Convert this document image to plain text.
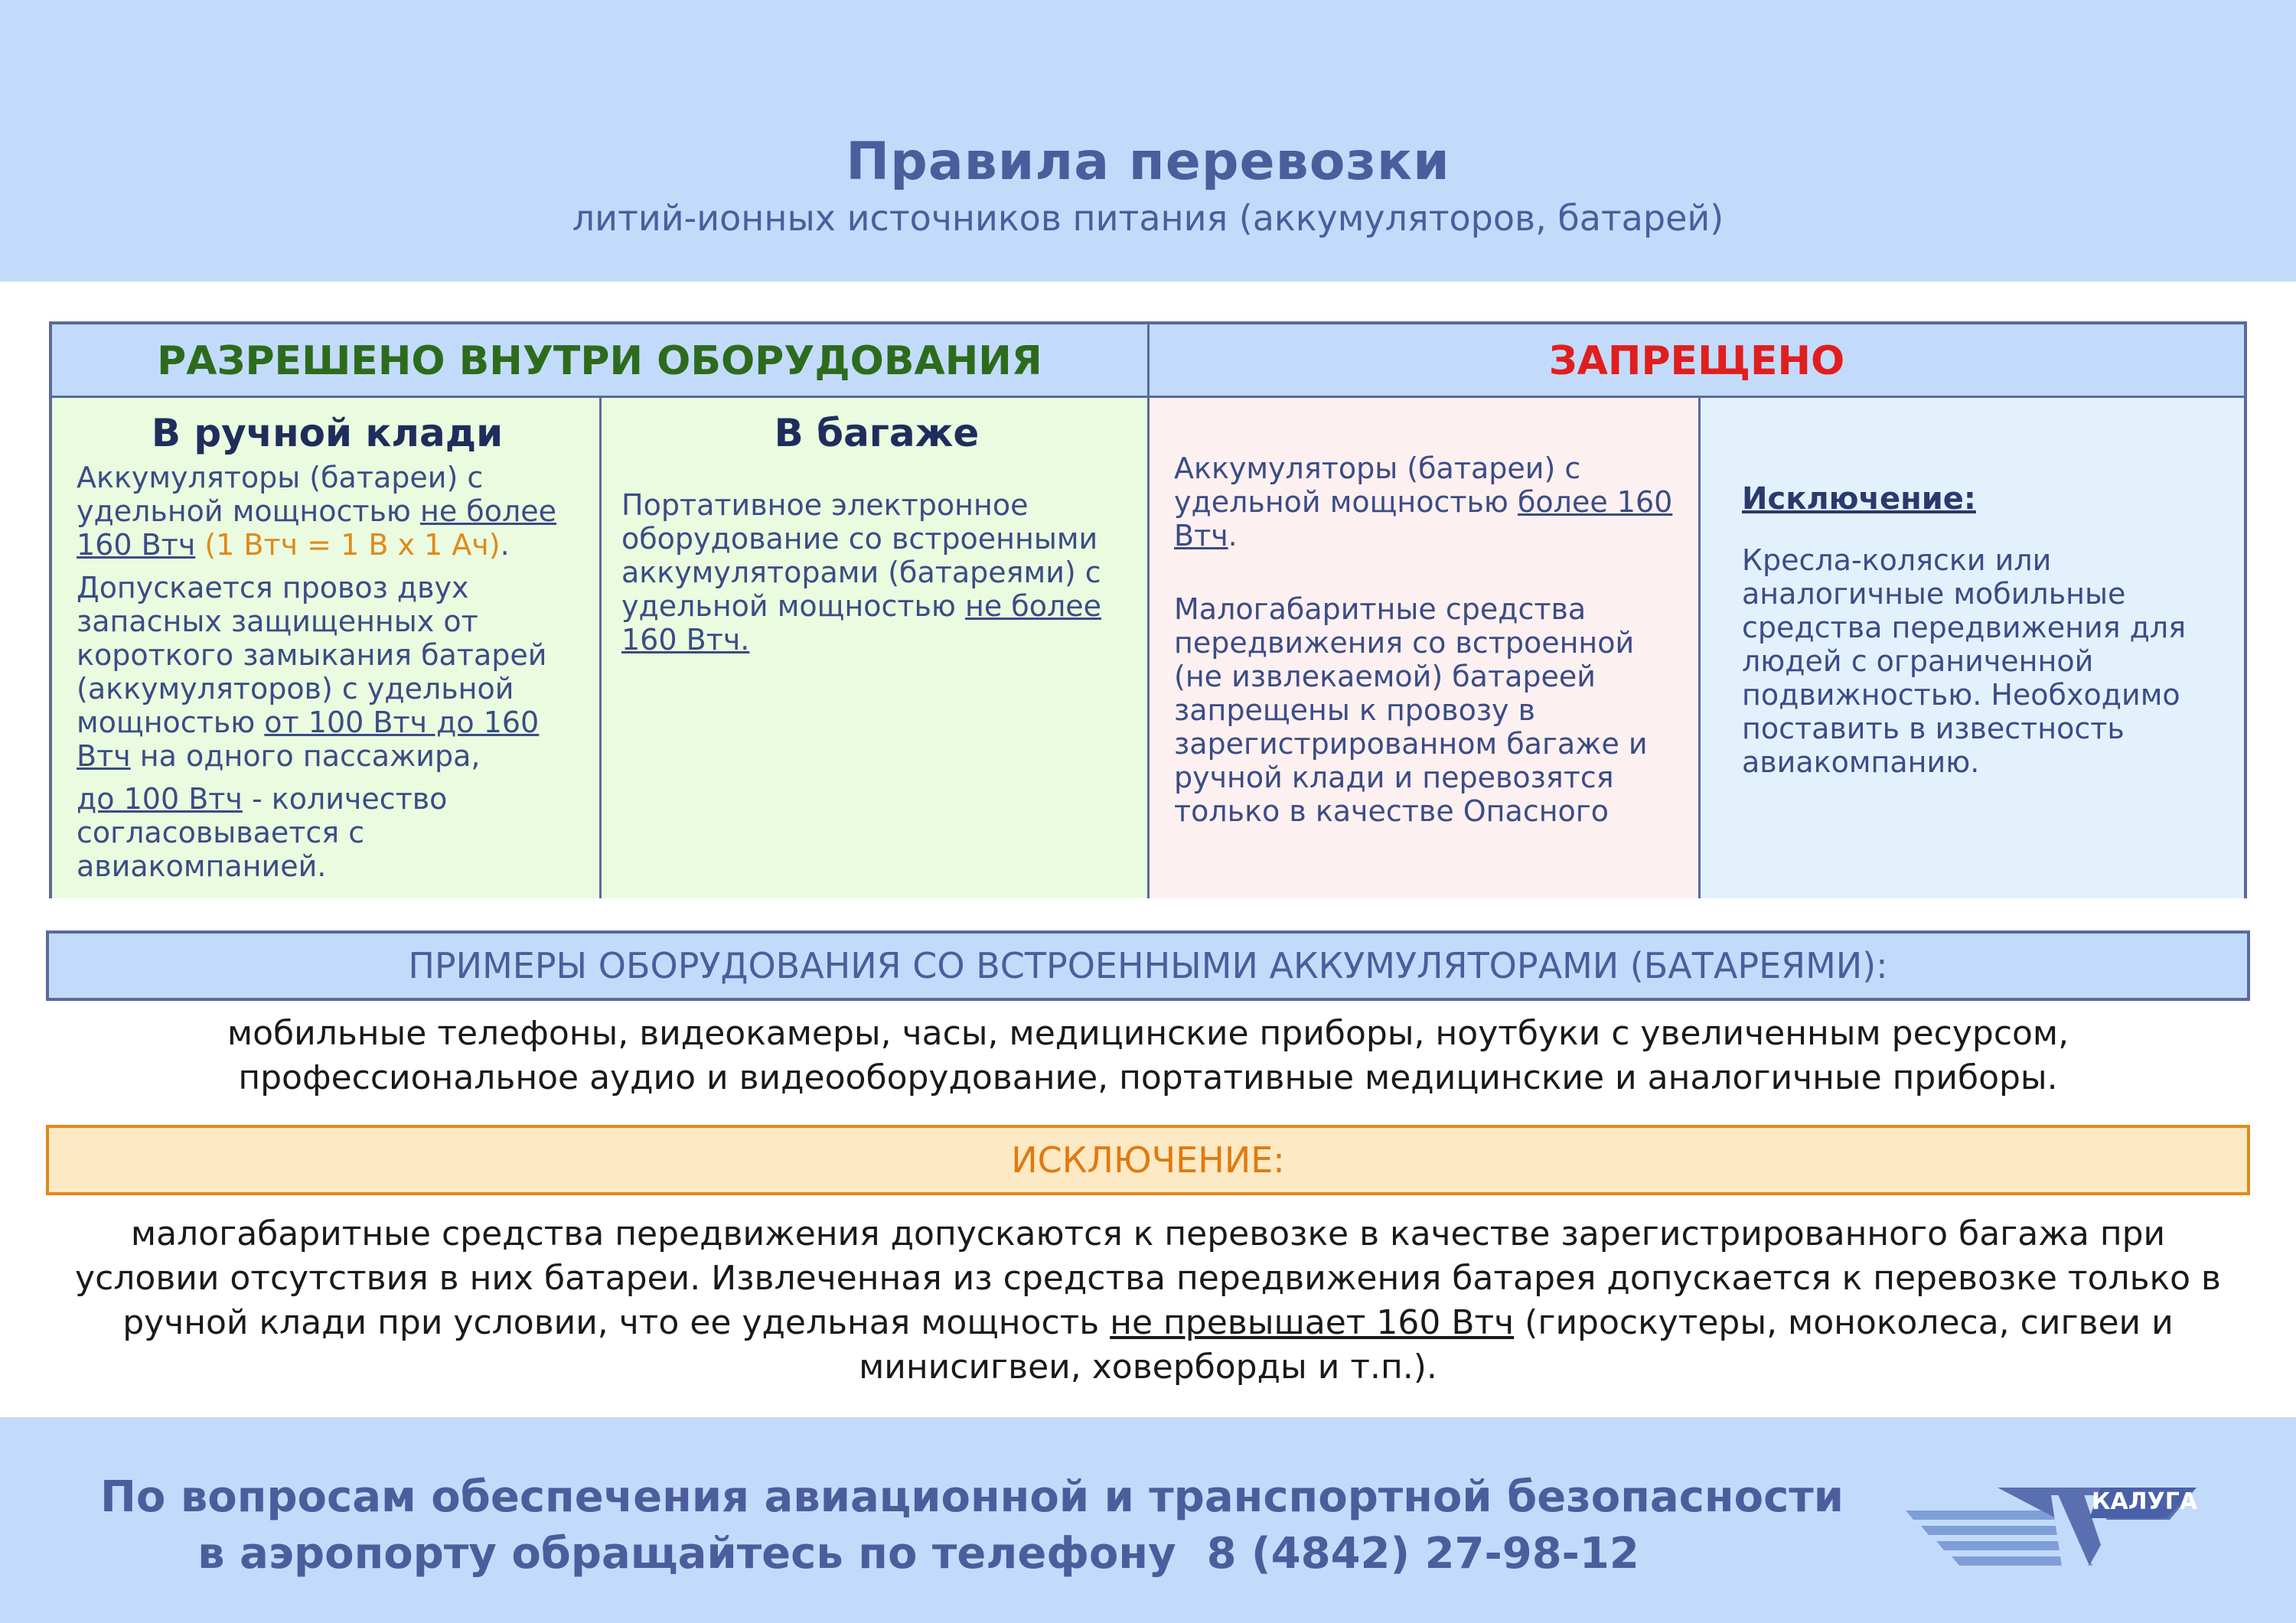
Правила перевозки
литий-ионных источников питания (аккумуляторов, батарей)
РАЗРЕШЕНО ВНУТРИ ОБОРУДОВАНИЯ	ЗАПРЕЩЕНО
В ручной клади
Аккумуляторы (батареи) с удельной мощностью не более 160 Втч (1 Втч = 1 В х 1 Ач).
Допускается провоз двух запасных защищенных от короткого замыкания батарей (аккумуляторов) с удельной мощностью от 100 Втч до 160 Втч на одного пассажира,
до 100 Втч - количество согласовывается с авиакомпанией.
В багаже
Портативное электронное оборудование со встроенными аккумуляторами (батареями) с удельной мощностью не более 160 Втч.
Аккумуляторы (батареи) с удельной мощностью более 160 Втч.
Малогабаритные средства передвижения со встроенной (не извлекаемой) батареей запрещены к провозу в зарегистрированном багаже и ручной клади и перевозятся только в качестве Опасного
Исключение:
Кресла-коляски или аналогичные мобильные средства передвижения для людей с ограниченной подвижностью. Необходимо поставить в известность авиакомпанию.
ПРИМЕРЫ ОБОРУДОВАНИЯ СО ВСТРОЕННЫМИ АККУМУЛЯТОРАМИ (БАТАРЕЯМИ):
мобильные телефоны, видеокамеры, часы, медицинские приборы, ноутбуки с увеличенным ресурсом,
профессиональное аудио и видеооборудование, портативные медицинские и аналогичные приборы.
ИСКЛЮЧЕНИЕ:
малогабаритные средства передвижения допускаются к перевозке в качестве зарегистрированного багажа при условии отсутствия в них батареи. Извлеченная из средства передвижения батарея допускается к перевозке только в ручной клади при условии, что ее удельная мощность не превышает 160 Втч (гироскутеры, моноколеса, сигвеи и минисигвеи, ховерборды и т.п.).
По вопросам обеспечения авиационной и транспортной безопасности
в аэропорту обращайтесь по телефону 8 (4842) 27-98-12
КАЛУГА
